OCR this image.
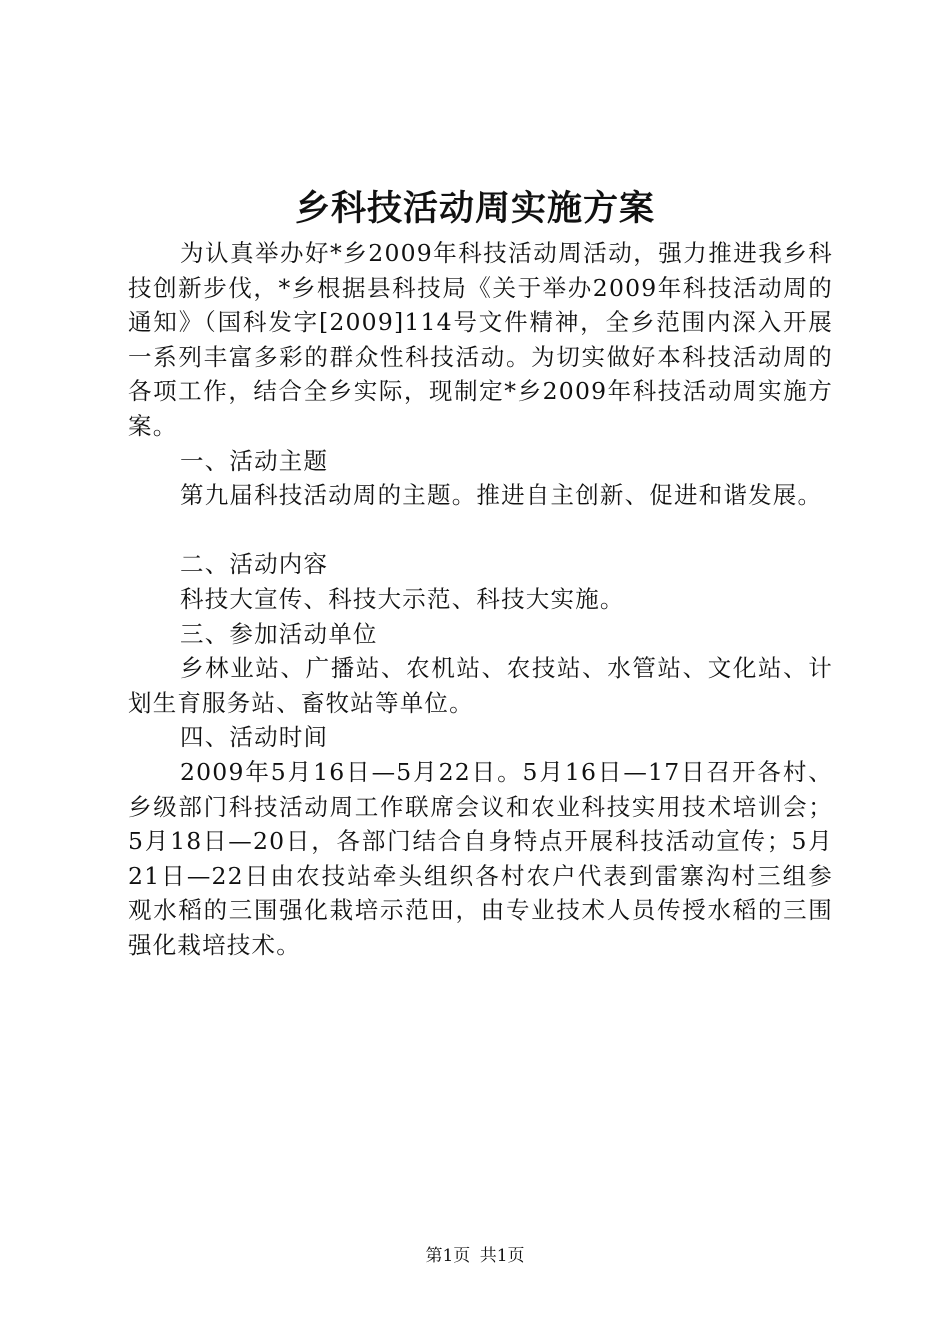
乡科技活动周实施方案

为认真举办好*乡2009年科技活动周活动，强力推进我乡科技创新步伐，*乡根据县科技局《关于举办2009年科技活动周的通知》（国科发字[2009]114号文件精神，全乡范围内深入开展一系列丰富多彩的群众性科技活动。为切实做好本科技活动周的各项工作，结合全乡实际，现制定*乡2009年科技活动周实施方案。

一、活动主题

第九届科技活动周的主题。推进自主创新、促进和谐发展。

二、活动内容

科技大宣传、科技大示范、科技大实施。

三、参加活动单位

乡林业站、广播站、农机站、农技站、水管站、文化站、计划生育服务站、畜牧站等单位。

四、活动时间

2009年5月16日—5月22日。5月16日—17日召开各村、乡级部门科技活动周工作联席会议和农业科技实用技术培训会；5月18日—20日，各部门结合自身特点开展科技活动宣传；5月21日—22日由农技站牵头组织各村农户代表到雷寨沟村三组参观水稻的三围强化栽培示范田，由专业技术人员传授水稻的三围强化栽培技术。

第1页 共1页
